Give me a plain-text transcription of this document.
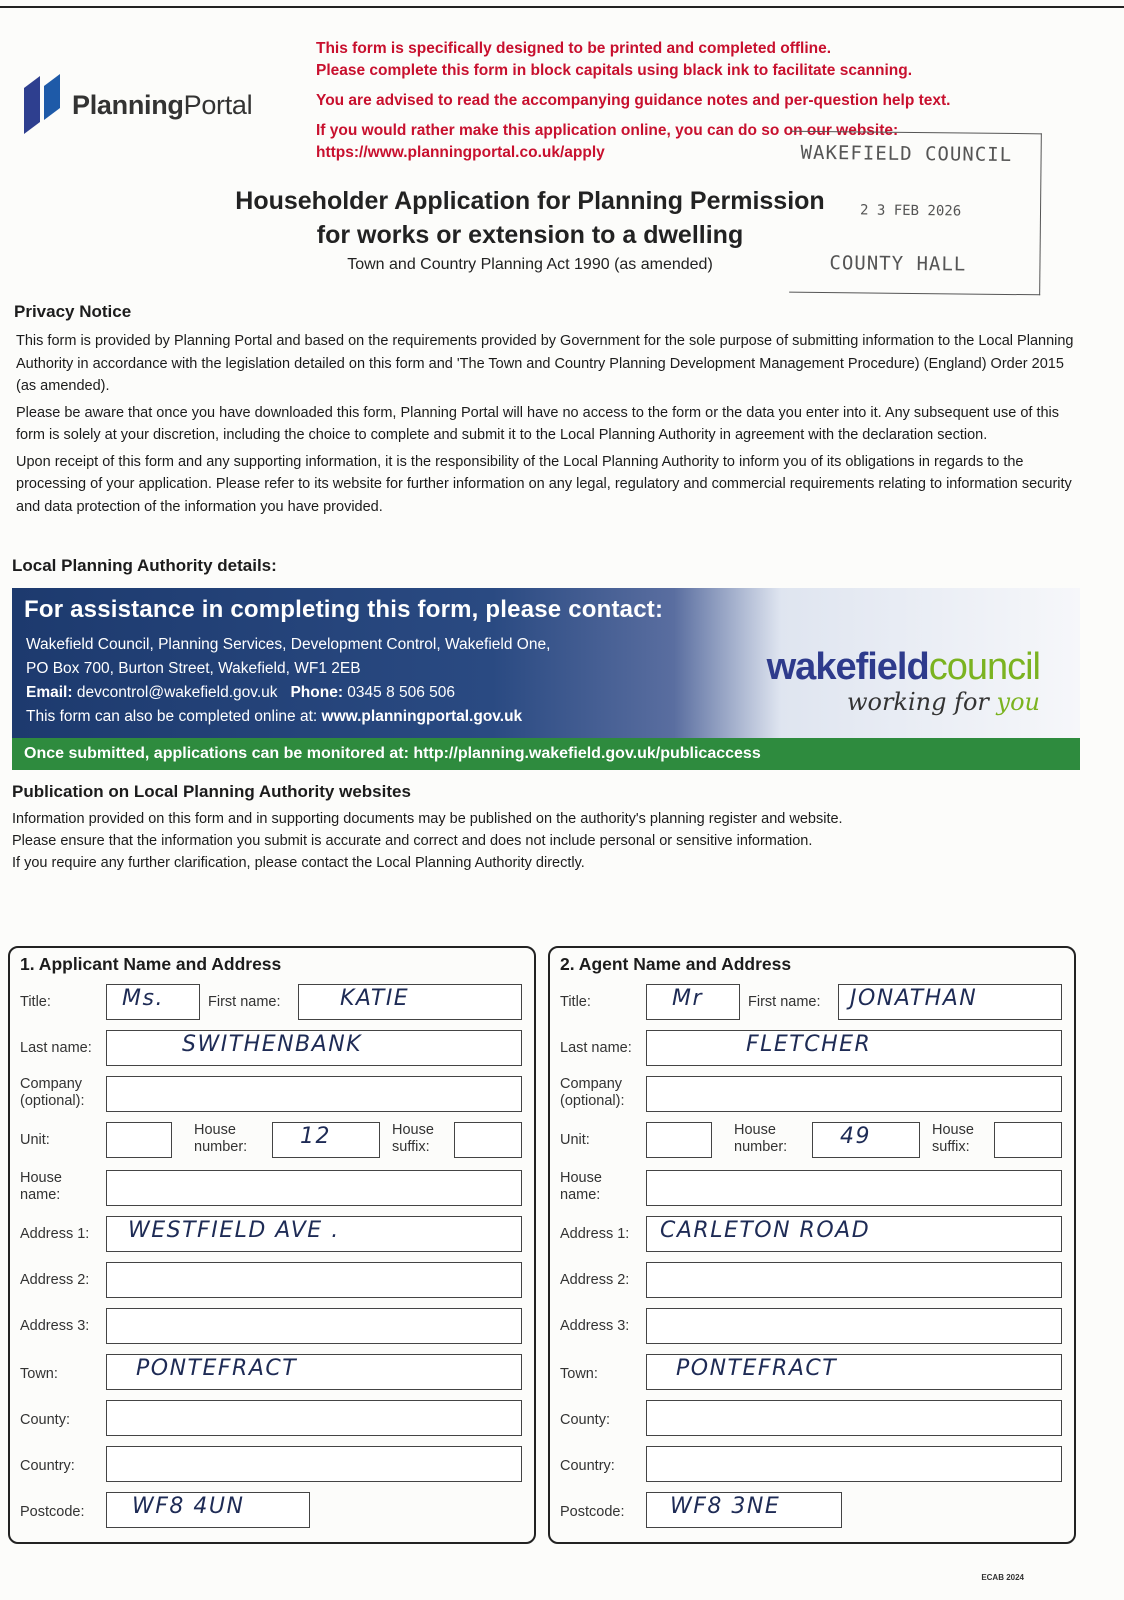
PlanningPortal
This form is specifically designed to be printed and completed offline.
Please complete this form in block capitals using black ink to facilitate scanning.
You are advised to read the accompanying guidance notes and per-question help text.
If you would rather make this application online, you can do so on our website:
https://www.planningportal.co.uk/apply	WAKEFIELD COUNCIL
2 3 FEB 2026
COUNTY HALL
Householder Application for Planning Permission
for works or extension to a dwelling
Town and Country Planning Act 1990 (as amended)
Privacy Notice

This form is provided by Planning Portal and based on the requirements provided by Government for the sole purpose of submitting information to the Local Planning Authority in accordance with the legislation detailed on this form and 'The Town and Country Planning Development Management Procedure) (England) Order 2015 (as amended).

Please be aware that once you have downloaded this form, Planning Portal will have no access to the form or the data you enter into it. Any subsequent use of this form is solely at your discretion, including the choice to complete and submit it to the Local Planning Authority in agreement with the declaration section.

Upon receipt of this form and any supporting information, it is the responsibility of the Local Planning Authority to inform you of its obligations in regards to the processing of your application. Please refer to its website for further information on any legal, regulatory and commercial requirements relating to information security and data protection of the information you have provided.

Local Planning Authority details:
For assistance in completing this form, please contact:
Wakefield Council, Planning Services, Development Control, Wakefield One,
PO Box 700, Burton Street, Wakefield, WF1 2EB
Email: devcontrol@wakefield.gov.uk Phone: 0345 8 506 506
This form can also be completed online at: www.planningportal.gov.uk
wakefieldcouncil
working for you
Once submitted, applications can be monitored at: http://planning.wakefield.gov.uk/publicaccess
Publication on Local Planning Authority websites
Information provided on this form and in supporting documents may be published on the authority's planning register and website.
Please ensure that the information you submit is accurate and correct and does not include personal or sensitive information.
If you require any further clarification, please contact the Local Planning Authority directly.
1. Applicant Name and Address
Title:	Ms.	First name:	KATIE
Last name:	SWITHENBANK
Company
(optional):
Unit:
House
number: 12	House
suffix:
House
name:
Address 1: WESTFIELD AVE .
Address 2:
Address 3:
Town:	PONTEFRACT
County:
Country:
Postcode: WF8 4UN
2. Agent Name and Address
Title:	Mr	First name: JONATHAN
Last name:	FLETCHER
Company
(optional):
Unit:
House
number: 49	House
suffix:
House
name:
Address 1: CARLETON ROAD
Address 2:
Address 3:
Town:	PONTEFRACT
County:
Country:
Postcode: WF8 3NE
ECAB 2024
